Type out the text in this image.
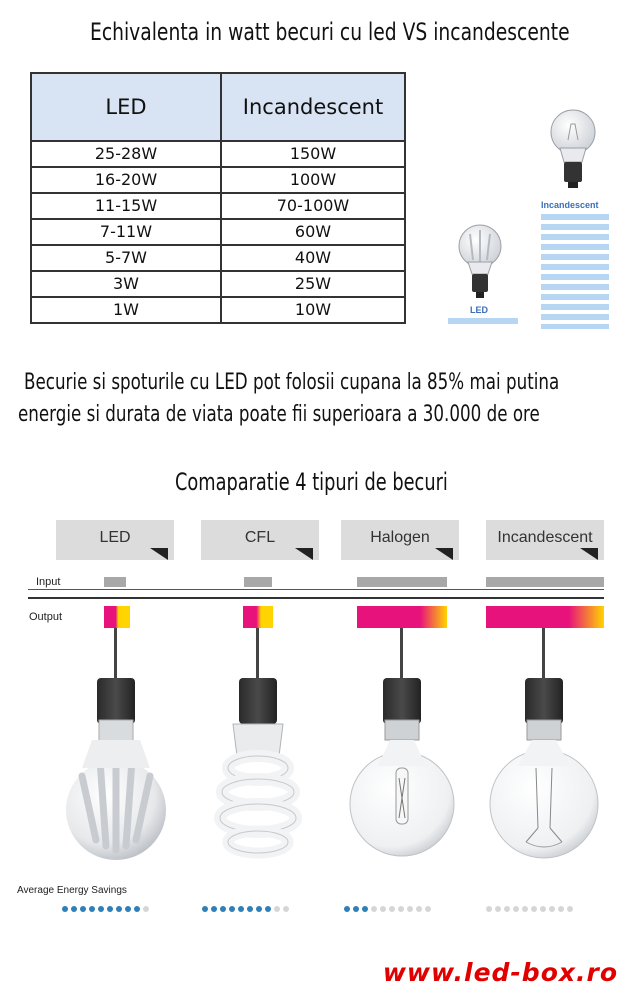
Echivalenta in watt becuri cu led VS incandescente
LED	Incandescent
25-28W	150W
16-20W	100W
11-15W	70-100W
7-11W	60W
5-7W	40W
3W	25W
1W	10W
Incandescent
LED
Becurie si spoturile cu LED pot folosii cupana la 85% mai putina
energie si durata de viata poate fii superioara a 30.000 de ore
Comaparatie 4 tipuri de becuri
LED	CFL	Halogen	Incandescent
Input
Output
Average Energy Savings
www.led-box.ro
